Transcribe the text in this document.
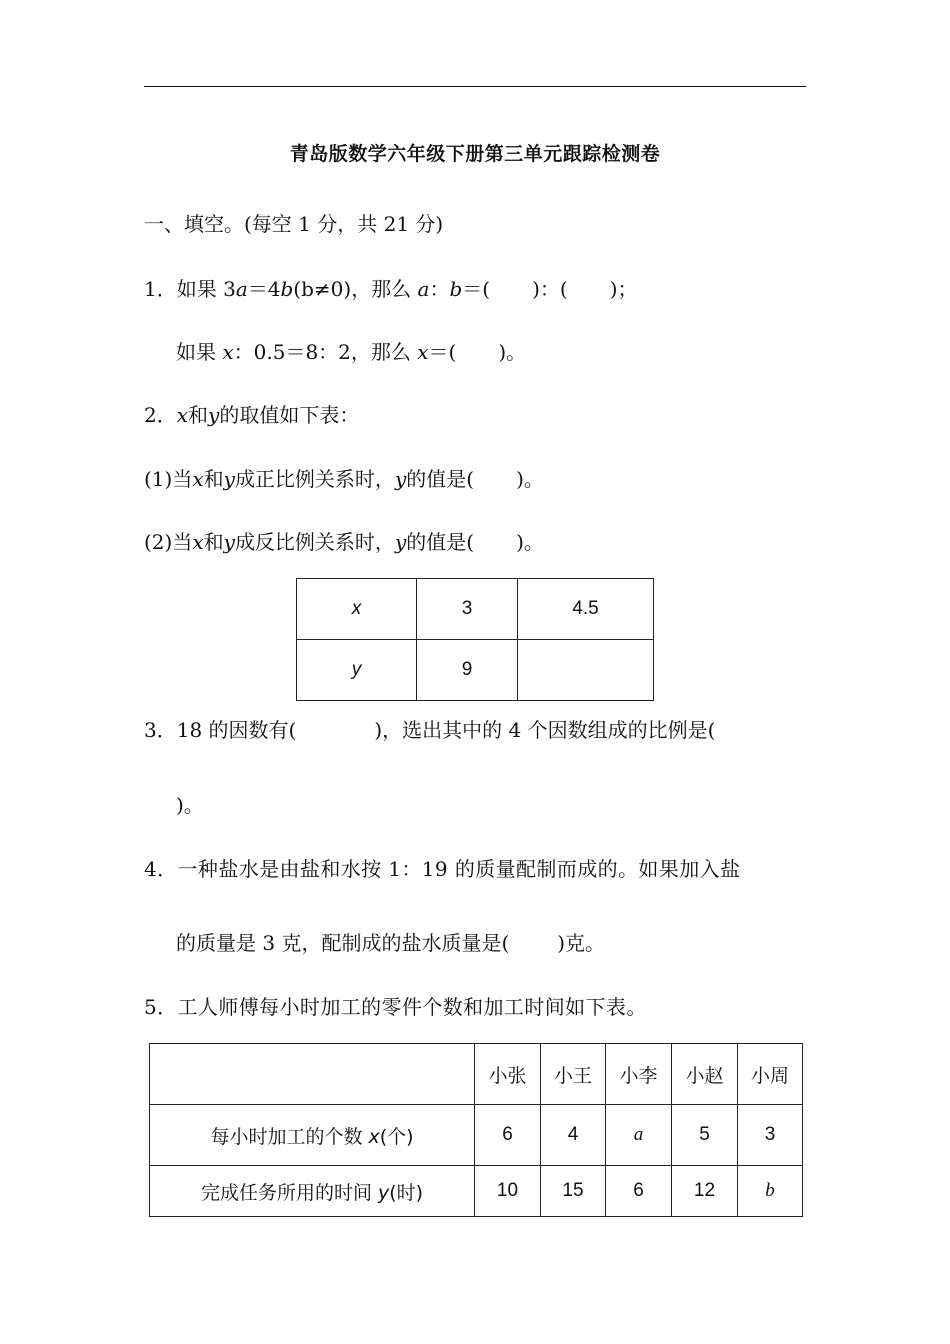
青岛版数学六年级下册第三单元跟踪检测卷
一、填空。(每空 1 分，共 21 分)
1．如果 3a＝4b(b≠0)，那么 a：b＝( )：( )；
如果 x：0.5＝8：2，那么 x＝( )。
2．x和y的取值如下表：
(1)当x和y成正比例关系时，y的值是( )。
(2)当x和y成反比例关系时，y的值是( )。
x	3	4.5
y	9	
3．18 的因数有(	)，选出其中的 4 个因数组成的比例是(
)。
4．一种盐水是由盐和水按 1：19 的质量配制而成的。如果加入盐
的质量是 3 克，配制成的盐水质量是( )克。
5．工人师傅每小时加工的零件个数和加工时间如下表。
	小张	小王	小李	小赵	小周
每小时加工的个数 x(个)	6	4	a	5	3
完成任务所用的时间 y(时)	10	15	6	12	b
